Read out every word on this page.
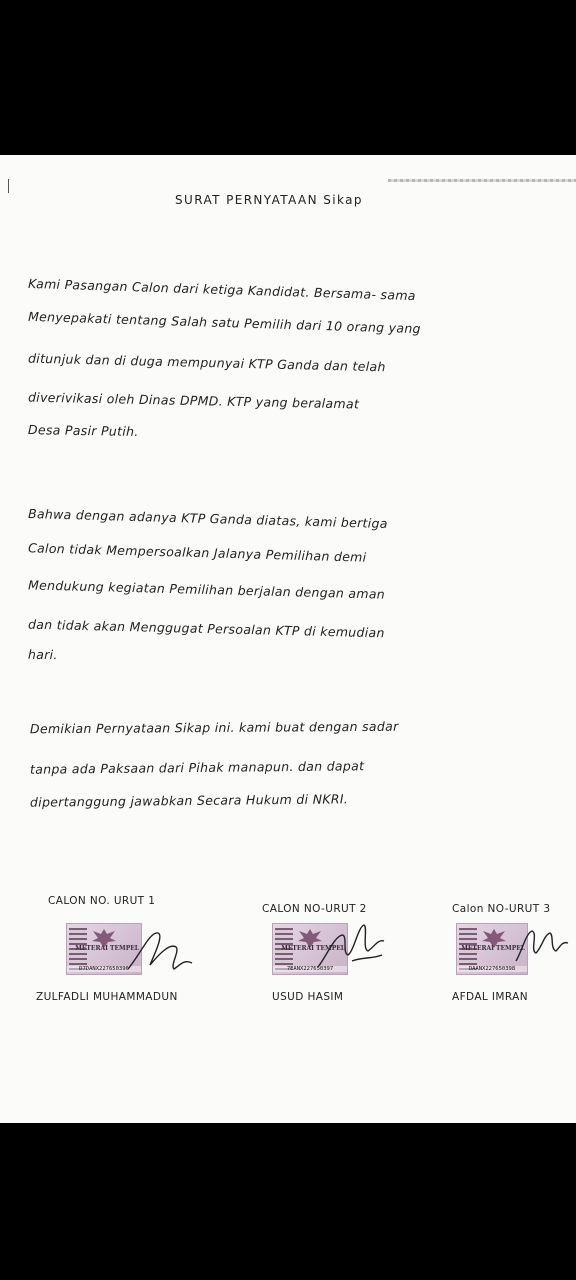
SURAT PERNYATAAN Sikap
Kami Pasangan Calon dari ketiga Kandidat. Bersama- sama
Menyepakati tentang Salah satu Pemilih dari 10 orang yang
ditunjuk dan di duga mempunyai KTP Ganda dan telah
diverivikasi oleh Dinas DPMD. KTP yang beralamat
Desa Pasir Putih.
Bahwa dengan adanya KTP Ganda diatas, kami bertiga
Calon tidak Mempersoalkan Jalanya Pemilihan demi
Mendukung kegiatan Pemilihan berjalan dengan aman
dan tidak akan Menggugat Persoalan KTP di kemudian
hari.
Demikian Pernyataan Sikap ini. kami buat dengan sadar
tanpa ada Paksaan dari Pihak manapun. dan dapat
dipertanggung jawabkan Secara Hukum di NKRI.
CALON NO. URUT 1
METERAI TEMPEL
D7DANX227650396
ZULFADLI MUHAMMADUN
CALON NO-URUT 2
METERAI TEMPEL
7EANX227650397
USUD HASIM
Calon NO-URUT 3
METERAI TEMPEL
DAANX227650398
AFDAL IMRAN
